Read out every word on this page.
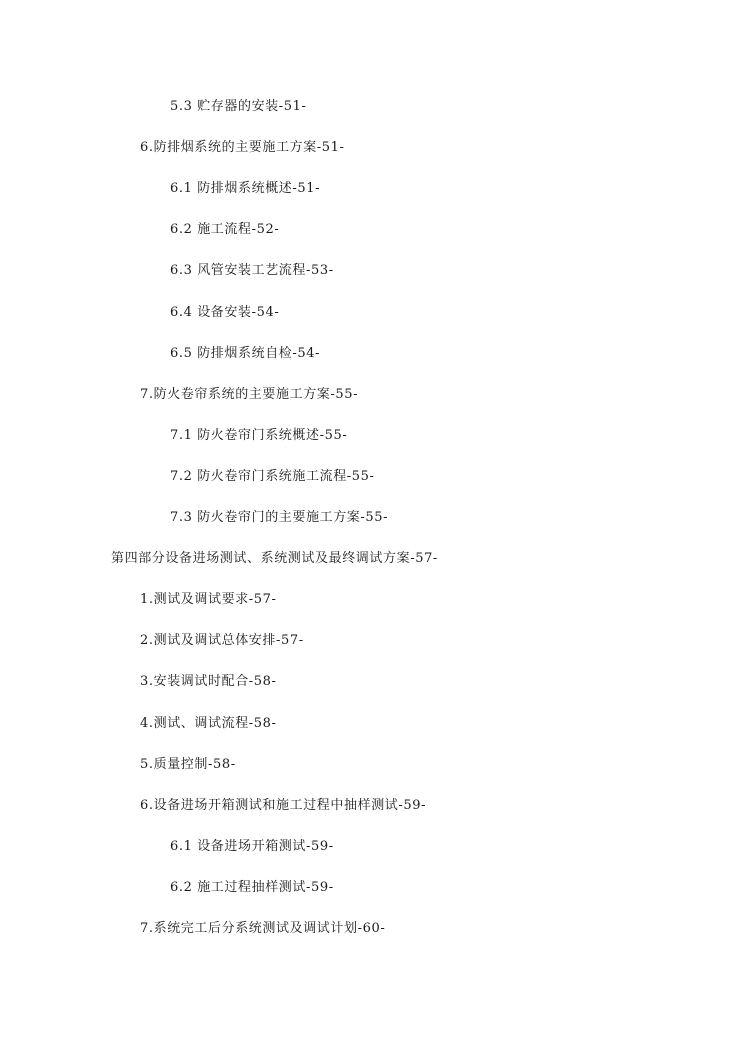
5.3 贮存器的安装-51-
6.防排烟系统的主要施工方案-51-
6.1 防排烟系统概述-51-
6.2 施工流程-52-
6.3 风管安装工艺流程-53-
6.4 设备安装-54-
6.5 防排烟系统自检-54-
7.防火卷帘系统的主要施工方案-55-
7.1 防火卷帘门系统概述-55-
7.2 防火卷帘门系统施工流程-55-
7.3 防火卷帘门的主要施工方案-55-
第四部分设备进场测试、系统测试及最终调试方案-57-
1.测试及调试要求-57-
2.测试及调试总体安排-57-
3.安装调试时配合-58-
4.测试、调试流程-58-
5.质量控制-58-
6.设备进场开箱测试和施工过程中抽样测试-59-
6.1 设备进场开箱测试-59-
6.2 施工过程抽样测试-59-
7.系统完工后分系统测试及调试计划-60-
